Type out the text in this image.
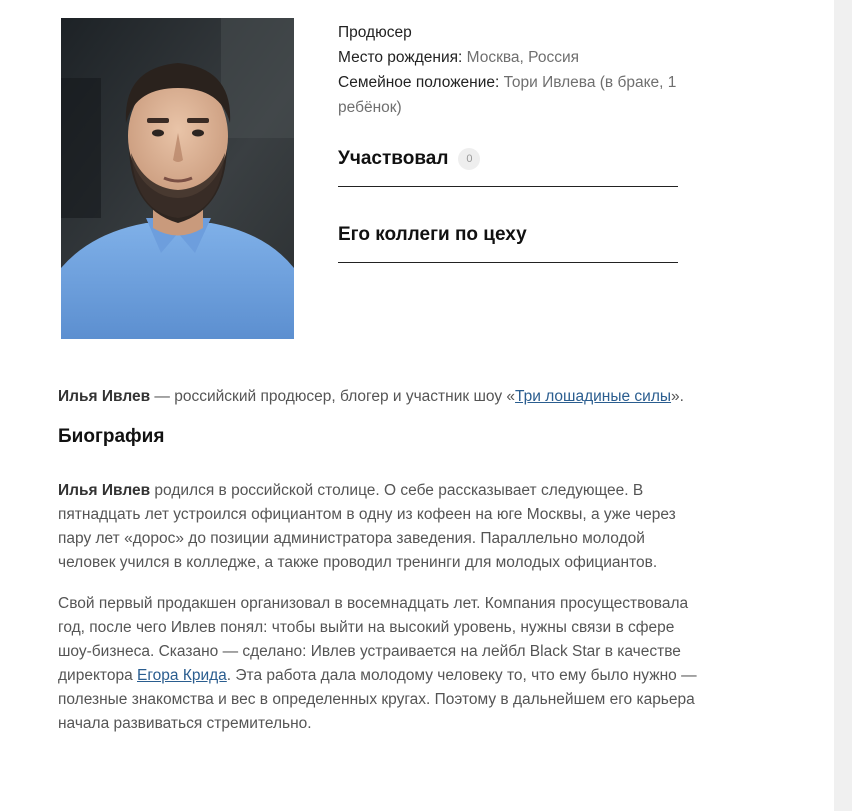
Продюсер
Место рождения: Москва, Россия
Семейное положение: Тори Ивлева (в браке, 1 ребёнок)
Участвовал 0
Его коллеги по цеху

Илья Ивлев — российский продюсер, блогер и участник шоу «Три лошадиные силы».

Биография

Илья Ивлев родился в российской столице. О себе рассказывает следующее. В пятнадцать лет устроился официантом в одну из кофеен на юге Москвы, а уже через пару лет «дорос» до позиции администратора заведения. Параллельно молодой человек учился в колледже, а также проводил тренинги для молодых официантов.

Свой первый продакшен организовал в восемнадцать лет. Компания просуществовала год, после чего Ивлев понял: чтобы выйти на высокий уровень, нужны связи в сфере шоу-бизнеса. Сказано — сделано: Ивлев устраивается на лейбл Black Star в качестве директора Егора Крида. Эта работа дала молодому человеку то, что ему было нужно — полезные знакомства и вес в определенных кругах. Поэтому в дальнейшем его карьера начала развиваться стремительно.
